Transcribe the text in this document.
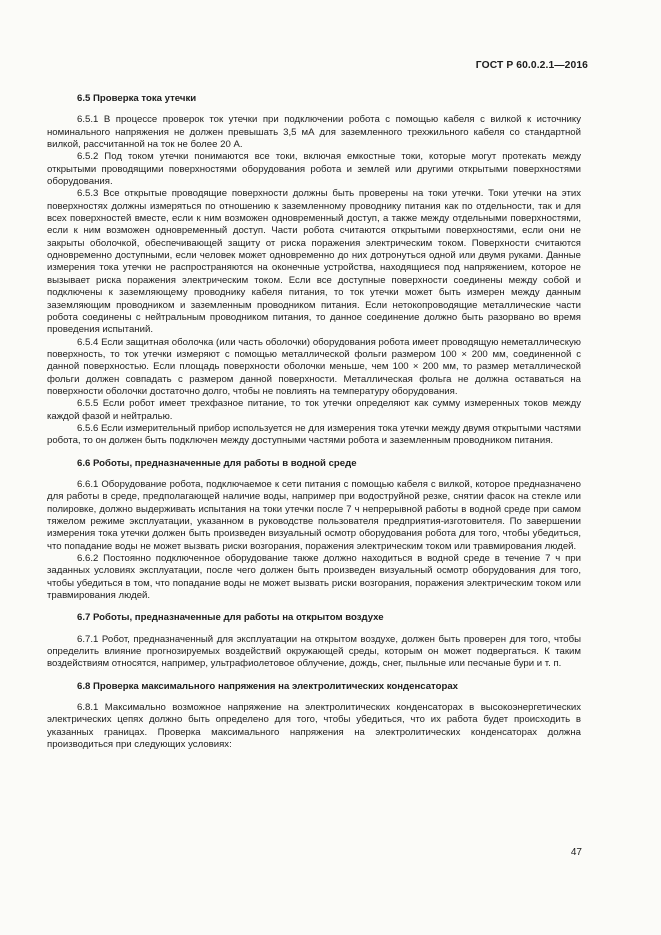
ГОСТ Р 60.0.2.1—2016
6.5 Проверка тока утечки

6.5.1 В процессе проверок ток утечки при подключении робота с помощью кабеля с вилкой к источнику номинального напряжения не должен превышать 3,5 мА для заземленного трехжильного кабеля со стандартной вилкой, рассчитанной на ток не более 20 А.

6.5.2 Под током утечки понимаются все токи, включая емкостные токи, которые могут протекать между открытыми проводящими поверхностями оборудования робота и землей или другими открытыми поверхностями оборудования.

6.5.3 Все открытые проводящие поверхности должны быть проверены на токи утечки. Токи утечки на этих поверхностях должны измеряться по отношению к заземленному проводнику питания как по отдельности, так и для всех поверхностей вместе, если к ним возможен одновременный доступ, а также между отдельными поверхностями, если к ним возможен одновременный доступ. Части робота считаются открытыми поверхностями, если они не закрыты оболочкой, обеспечивающей защиту от риска поражения электрическим током. Поверхности считаются одновременно доступными, если человек может одновременно до них дотронуться одной или двумя руками. Данные измерения тока утечки не распространяются на оконечные устройства, находящиеся под напряжением, которое не вызывает риска поражения электрическим током. Если все доступные поверхности соединены между собой и подключены к заземляющему проводнику кабеля питания, то ток утечки может быть измерен между данным заземляющим проводником и заземленным проводником питания. Если нетокопроводящие металлические части робота соединены с нейтральным проводником питания, то данное соединение должно быть разорвано во время проведения испытаний.

6.5.4 Если защитная оболочка (или часть оболочки) оборудования робота имеет проводящую неметаллическую поверхность, то ток утечки измеряют с помощью металлической фольги размером 100 × 200 мм, соединенной с данной поверхностью. Если площадь поверхности оболочки меньше, чем 100 × 200 мм, то размер металлической фольги должен совпадать с размером данной поверхности. Металлическая фольга не должна оставаться на поверхности оболочки достаточно долго, чтобы не повлиять на температуру оборудования.

6.5.5 Если робот имеет трехфазное питание, то ток утечки определяют как сумму измеренных токов между каждой фазой и нейтралью.

6.5.6 Если измерительный прибор используется не для измерения тока утечки между двумя открытыми частями робота, то он должен быть подключен между доступными частями робота и заземленным проводником питания.

6.6 Роботы, предназначенные для работы в водной среде

6.6.1 Оборудование робота, подключаемое к сети питания с помощью кабеля с вилкой, которое предназначено для работы в среде, предполагающей наличие воды, например при водоструйной резке, снятии фасок на стекле или полировке, должно выдерживать испытания на токи утечки после 7 ч непрерывной работы в водной среде при самом тяжелом режиме эксплуатации, указанном в руководстве пользователя предприятия-изготовителя. По завершении измерения тока утечки должен быть произведен визуальный осмотр оборудования робота для того, чтобы убедиться, что попадание воды не может вызвать риски возгорания, поражения электрическим током или травмирования людей.

6.6.2 Постоянно подключенное оборудование также должно находиться в водной среде в течение 7 ч при заданных условиях эксплуатации, после чего должен быть произведен визуальный осмотр оборудования для того, чтобы убедиться в том, что попадание воды не может вызвать риски возгорания, поражения электрическим током или травмирования людей.

6.7 Роботы, предназначенные для работы на открытом воздухе

6.7.1 Робот, предназначенный для эксплуатации на открытом воздухе, должен быть проверен для того, чтобы определить влияние прогнозируемых воздействий окружающей среды, которым он может подвергаться. К таким воздействиям относятся, например, ультрафиолетовое облучение, дождь, снег, пыльные или песчаные бури и т. п.

6.8 Проверка максимального напряжения на электролитических конденсаторах

6.8.1 Максимально возможное напряжение на электролитических конденсаторах в высокоэнергетических электрических цепях должно быть определено для того, чтобы убедиться, что их работа будет происходить в указанных границах. Проверка максимального напряжения на электролитических конденсаторах должна производиться при следующих условиях:

47
